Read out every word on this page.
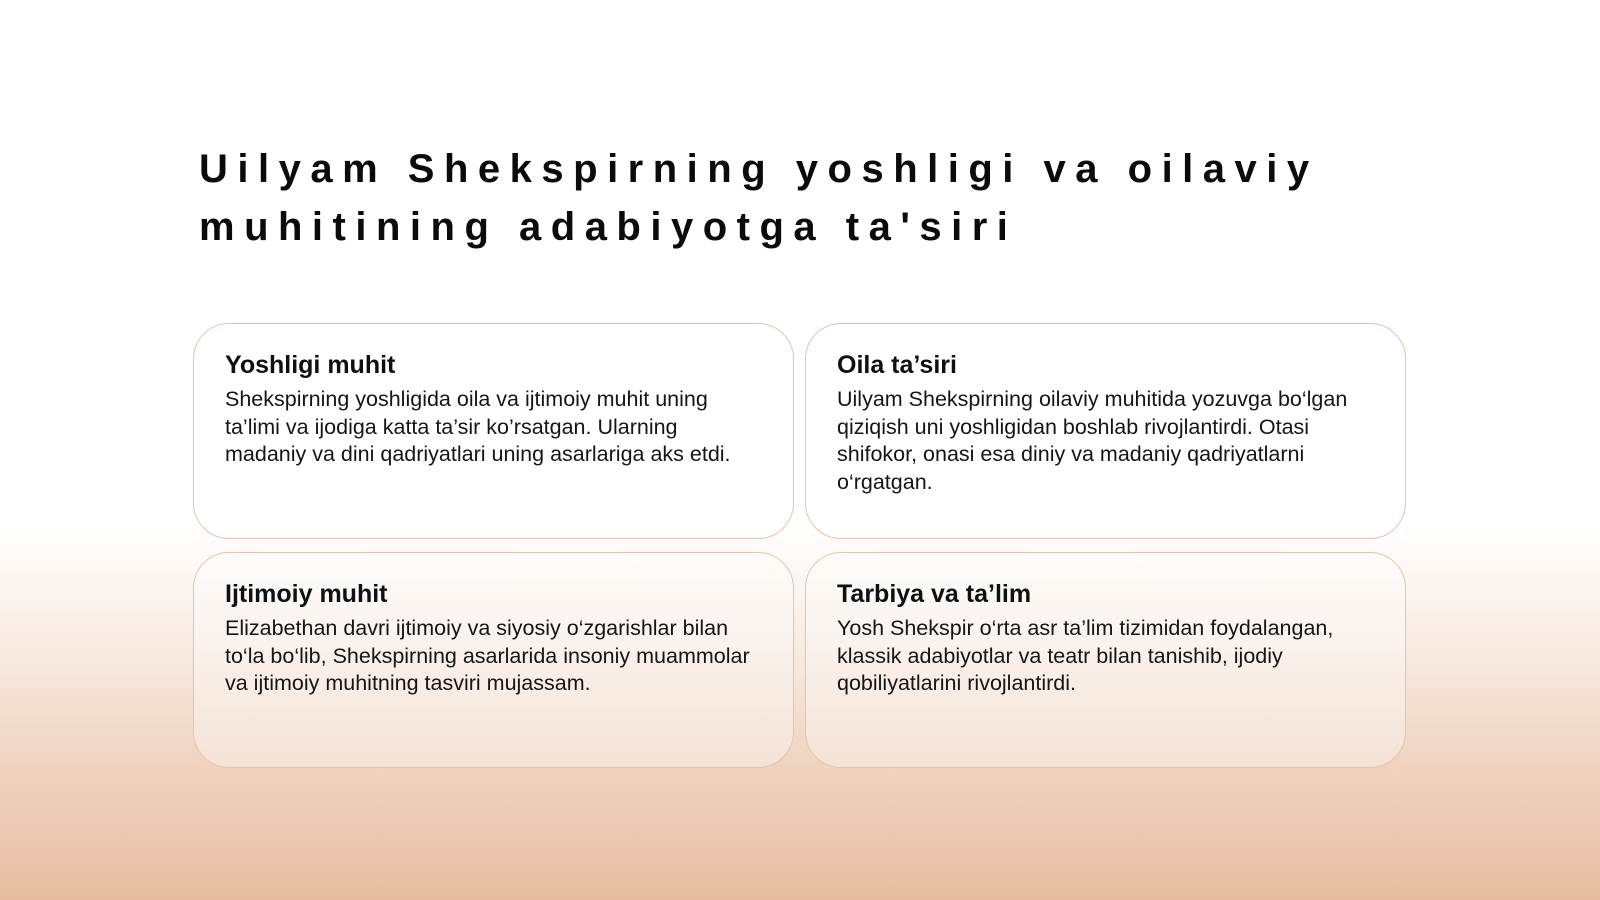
Uilyam Shekspirning yoshligi va oilaviy muhitining adabiyotga ta'siri
Yoshligi muhit
Shekspirning yoshligida oila va ijtimoiy muhit uning ta’limi va ijodiga katta ta’sir ko’rsatgan. Ularning madaniy va dini qadriyatlari uning asarlariga aks etdi.
Oila ta’siri
Uilyam Shekspirning oilaviy muhitida yozuvga bo‘lgan qiziqish uni yoshligidan boshlab rivojlantirdi. Otasi shifokor, onasi esa diniy va madaniy qadriyatlarni o‘rgatgan.
Ijtimoiy muhit
Elizabethan davri ijtimoiy va siyosiy o‘zgarishlar bilan to‘la bo‘lib, Shekspirning asarlarida insoniy muammolar va ijtimoiy muhitning tasviri mujassam.
Tarbiya va ta’lim
Yosh Shekspir o‘rta asr ta’lim tizimidan foydalangan, klassik adabiyotlar va teatr bilan tanishib, ijodiy qobiliyatlarini rivojlantirdi.
